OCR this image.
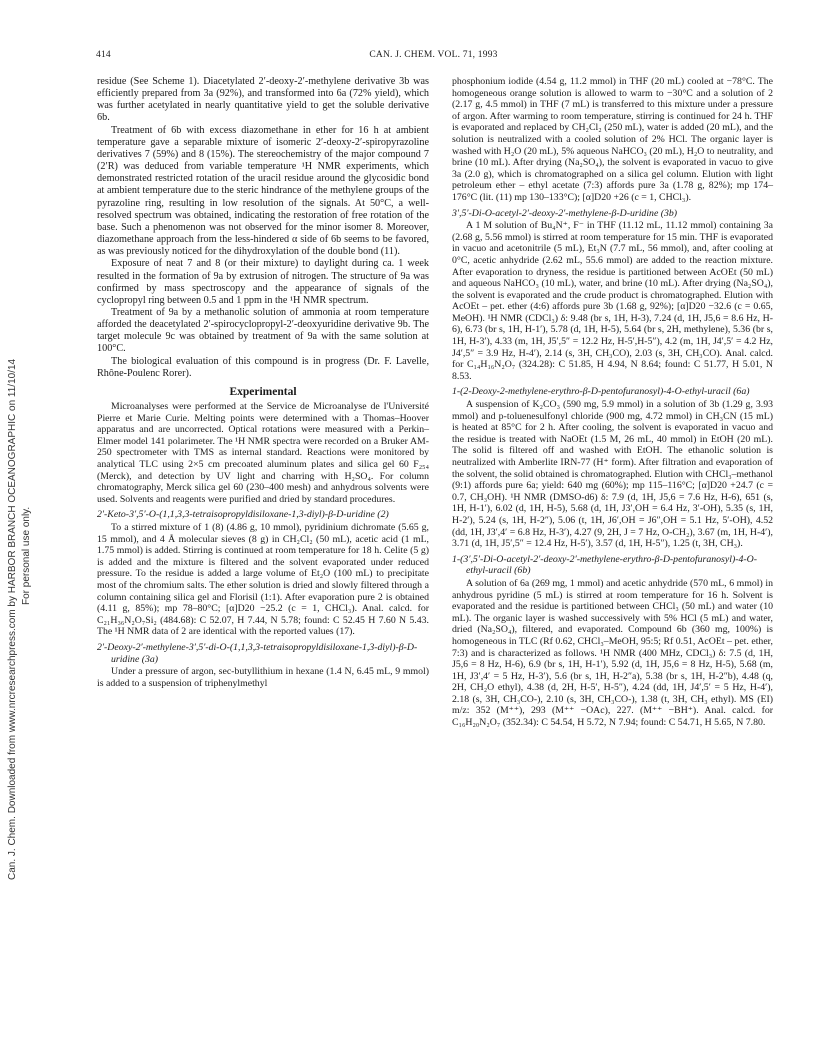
414	CAN. J. CHEM. VOL. 71, 1993
Can. J. Chem. Downloaded from www.nrcresearchpress.com by HARBOR BRANCH OCEANOGRAPHIC on 11/10/14 For personal use only.

residue (See Scheme 1). Diacetylated 2′-deoxy-2′-methylene derivative 3b was efficiently prepared from 3a (92%), and transformed into 6a (72% yield), which was further acetylated in nearly quantitative yield to get the soluble derivative 6b.

Treatment of 6b with excess diazomethane in ether for 16 h at ambient temperature gave a separable mixture of isomeric 2′-deoxy-2′-spiropyrazoline derivatives 7 (59%) and 8 (15%). The stereochemistry of the major compound 7 (2′R) was deduced from variable temperature ¹H NMR experiments, which demonstrated restricted rotation of the uracil residue around the glycosidic bond at ambient temperature due to the steric hindrance of the methylene groups of the pyrazoline ring, resulting in low resolution of the signals. At 50°C, a well-resolved spectrum was obtained, indicating the restoration of free rotation of the base. Such a phenomenon was not observed for the minor isomer 8. Moreover, diazomethane approach from the less-hindered α side of 6b seems to be favored, as was previously noticed for the dihydroxylation of the double bond (11).

Exposure of neat 7 and 8 (or their mixture) to daylight during ca. 1 week resulted in the formation of 9a by extrusion of nitrogen. The structure of 9a was confirmed by mass spectroscopy and the appearance of signals of the cyclopropyl ring between 0.5 and 1 ppm in the ¹H NMR spectrum.

Treatment of 9a by a methanolic solution of ammonia at room temperature afforded the deacetylated 2′-spirocyclopropyl-2′-deoxyuridine derivative 9b. The target molecule 9c was obtained by treatment of 9a with the same solution at 100°C.

The biological evaluation of this compound is in progress (Dr. F. Lavelle, Rhône-Poulenc Rorer).

Experimental

Microanalyses were performed at the Service de Microanalyse de l'Université Pierre et Marie Curie. Melting points were determined with a Thomas–Hoover apparatus and are uncorrected. Optical rotations were measured with a Perkin–Elmer model 141 polarimeter. The ¹H NMR spectra were recorded on a Bruker AM-250 spectrometer with TMS as internal standard. Reactions were monitored by analytical TLC using 2×5 cm precoated aluminum plates and silica gel 60 F₂₅₄ (Merck), and detection by UV light and charring with H₂SO₄. For column chromatography, Merck silica gel 60 (230–400 mesh) and anhydrous solvents were used. Solvents and reagents were purified and dried by standard procedures.

2′-Keto-3′,5′-O-(1,1,3,3-tetraisopropyldisiloxane-1,3-diyl)-β-D-uridine (2)

To a stirred mixture of 1 (8) (4.86 g, 10 mmol), pyridinium dichromate (5.65 g, 15 mmol), and 4 Å molecular sieves (8 g) in CH₂Cl₂ (50 mL), acetic acid (1 mL, 1.75 mmol) is added. Stirring is continued at room temperature for 18 h. Celite (5 g) is added and the mixture is filtered and the solvent evaporated under reduced pressure. To the residue is added a large volume of Et₂O (100 mL) to precipitate most of the chromium salts. The ether solution is dried and slowly filtered through a column containing silica gel and Florisil (1:1). After evaporation pure 2 is obtained (4.11 g, 85%); mp 78–80°C; [α]D20 −25.2 (c = 1, CHCl₃). Anal. calcd. for C₂₁H₃₆N₂O₇Si₂ (484.68): C 52.07, H 7.44, N 5.78; found: C 52.45 H 7.60 N 5.43. The ¹H NMR data of 2 are identical with the reported values (17).

2′-Deoxy-2′-methylene-3′,5′-di-O-(1,1,3,3-tetraisopropyldisiloxane-1,3-diyl)-β-D-uridine (3a)

Under a pressure of argon, sec-butyllithium in hexane (1.4 N, 6.45 mL, 9 mmol) is added to a suspension of triphenylmethyl

phosphonium iodide (4.54 g, 11.2 mmol) in THF (20 mL) cooled at −78°C. The homogeneous orange solution is allowed to warm to −30°C and a solution of 2 (2.17 g, 4.5 mmol) in THF (7 mL) is transferred to this mixture under a pressure of argon. After warming to room temperature, stirring is continued for 24 h. THF is evaporated and replaced by CH₂Cl₂ (250 mL), water is added (20 mL), and the solution is neutralized with a cooled solution of 2% HCl. The organic layer is washed with H₂O (20 mL), 5% aqueous NaHCO₃ (20 mL), H₂O to neutrality, and brine (10 mL). After drying (Na₂SO₄), the solvent is evaporated in vacuo to give 3a (2.0 g), which is chromatographed on a silica gel column. Elution with light petroleum ether – ethyl acetate (7:3) affords pure 3a (1.78 g, 82%); mp 174–176°C (lit. (11) mp 130–133°C); [α]D20 +26 (c = 1, CHCl₃).

3′,5′-Di-O-acetyl-2′-deoxy-2′-methylene-β-D-uridine (3b)

A 1 M solution of Bu₄N⁺, F⁻ in THF (11.12 mL, 11.12 mmol) containing 3a (2.68 g, 5.56 mmol) is stirred at room temperature for 15 min. THF is evaporated in vacuo and acetonitrile (5 mL), Et₃N (7.7 mL, 56 mmol), and, after cooling at 0°C, acetic anhydride (2.62 mL, 55.6 mmol) are added to the reaction mixture. After evaporation to dryness, the residue is partitioned between AcOEt (50 mL) and aqueous NaHCO₃ (10 mL), water, and brine (10 mL). After drying (Na₂SO₄), the solvent is evaporated and the crude product is chromatographed. Elution with AcOEt – pet. ether (4:6) affords pure 3b (1.68 g, 92%); [α]D20 −32.6 (c = 0.65, MeOH). ¹H NMR (CDCl₃) δ: 9.48 (br s, 1H, H-3), 7.24 (d, 1H, J5,6 = 8.6 Hz, H-6), 6.73 (br s, 1H, H-1′), 5.78 (d, 1H, H-5), 5.64 (br s, 2H, methylene), 5.36 (br s, 1H, H-3′), 4.33 (m, 1H, J5′,5″ = 12.2 Hz, H-5′,H-5″), 4.2 (m, 1H, J4′,5′ = 4.2 Hz, J4′,5″ = 3.9 Hz, H-4′), 2.14 (s, 3H, CH₃CO), 2.03 (s, 3H, CH₃CO). Anal. calcd. for C₁₄H₁₆N₂O₇ (324.28): C 51.85, H 4.94, N 8.64; found: C 51.77, H 5.01, N 8.53.

1-(2-Deoxy-2-methylene-erythro-β-D-pentofuranosyl)-4-O-ethyl-uracil (6a)

A suspension of K₂CO₃ (590 mg, 5.9 mmol) in a solution of 3b (1.29 g, 3.93 mmol) and p-toluenesulfonyl chloride (900 mg, 4.72 mmol) in CH₃CN (15 mL) is heated at 85°C for 2 h. After cooling, the solvent is evaporated in vacuo and the residue is treated with NaOEt (1.5 M, 26 mL, 40 mmol) in EtOH (20 mL). The solid is filtered off and washed with EtOH. The ethanolic solution is neutralized with Amberlite IRN-77 (H⁺ form). After filtration and evaporation of the solvent, the solid obtained is chromatographed. Elution with CHCl₃–methanol (9:1) affords pure 6a; yield: 640 mg (60%); mp 115–116°C; [α]D20 +24.7 (c = 0.7, CH₃OH). ¹H NMR (DMSO-d6) δ: 7.9 (d, 1H, J5,6 = 7.6 Hz, H-6), 651 (s, 1H, H-1′), 6.02 (d, 1H, H-5), 5.68 (d, 1H, J3′,OH = 6.4 Hz, 3′-OH), 5.35 (s, 1H, H-2′), 5.24 (s, 1H, H-2″), 5.06 (t, 1H, J6′,OH = J6″,OH = 5.1 Hz, 5′-OH), 4.52 (dd, 1H, J3′,4′ = 6.8 Hz, H-3′), 4.27 (9, 2H, J = 7 Hz, O-CH₂), 3.67 (m, 1H, H-4′), 3.71 (d, 1H, J5′,5″ = 12.4 Hz, H-5′), 3.57 (d, 1H, H-5″), 1.25 (t, 3H, CH₃).

1-(3′,5′-Di-O-acetyl-2′-deoxy-2′-methylene-erythro-β-D-pentofuranosyl)-4-O-ethyl-uracil (6b)

A solution of 6a (269 mg, 1 mmol) and acetic anhydride (570 mL, 6 mmol) in anhydrous pyridine (5 mL) is stirred at room temperature for 16 h. Solvent is evaporated and the residue is partitioned between CHCl₃ (50 mL) and water (10 mL). The organic layer is washed successively with 5% HCl (5 mL) and water, dried (Na₂SO₄), filtered, and evaporated. Compound 6b (360 mg, 100%) is homogeneous in TLC (Rf 0.62, CHCl₃–MeOH, 95:5; Rf 0.51, AcOEt – pet. ether, 7:3) and is characterized as follows. ¹H NMR (400 MHz, CDCl₃) δ: 7.5 (d, 1H, J5,6 = 8 Hz, H-6), 6.9 (br s, 1H, H-1′), 5.92 (d, 1H, J5,6 = 8 Hz, H-5), 5.68 (m, 1H, J3′,4′ = 5 Hz, H-3′), 5.6 (br s, 1H, H-2″a), 5.38 (br s, 1H, H-2″b), 4.48 (q, 2H, CH₂O ethyl), 4.38 (d, 2H, H-5′, H-5″), 4.24 (dd, 1H, J4′,5′ = 5 Hz, H-4′), 2.18 (s, 3H, CH₃CO-), 2.10 (s, 3H, CH₃CO-), 1.38 (t, 3H, CH₃ ethyl). MS (EI) m/z: 352 (M⁺⁺), 293 (M⁺⁺ −OAc), 227. (M⁺⁺ −BH⁺). Anal. calcd. for C₁₆H₂₀N₂O₇ (352.34): C 54.54, H 5.72, N 7.94; found: C 54.71, H 5.65, N 7.80.
